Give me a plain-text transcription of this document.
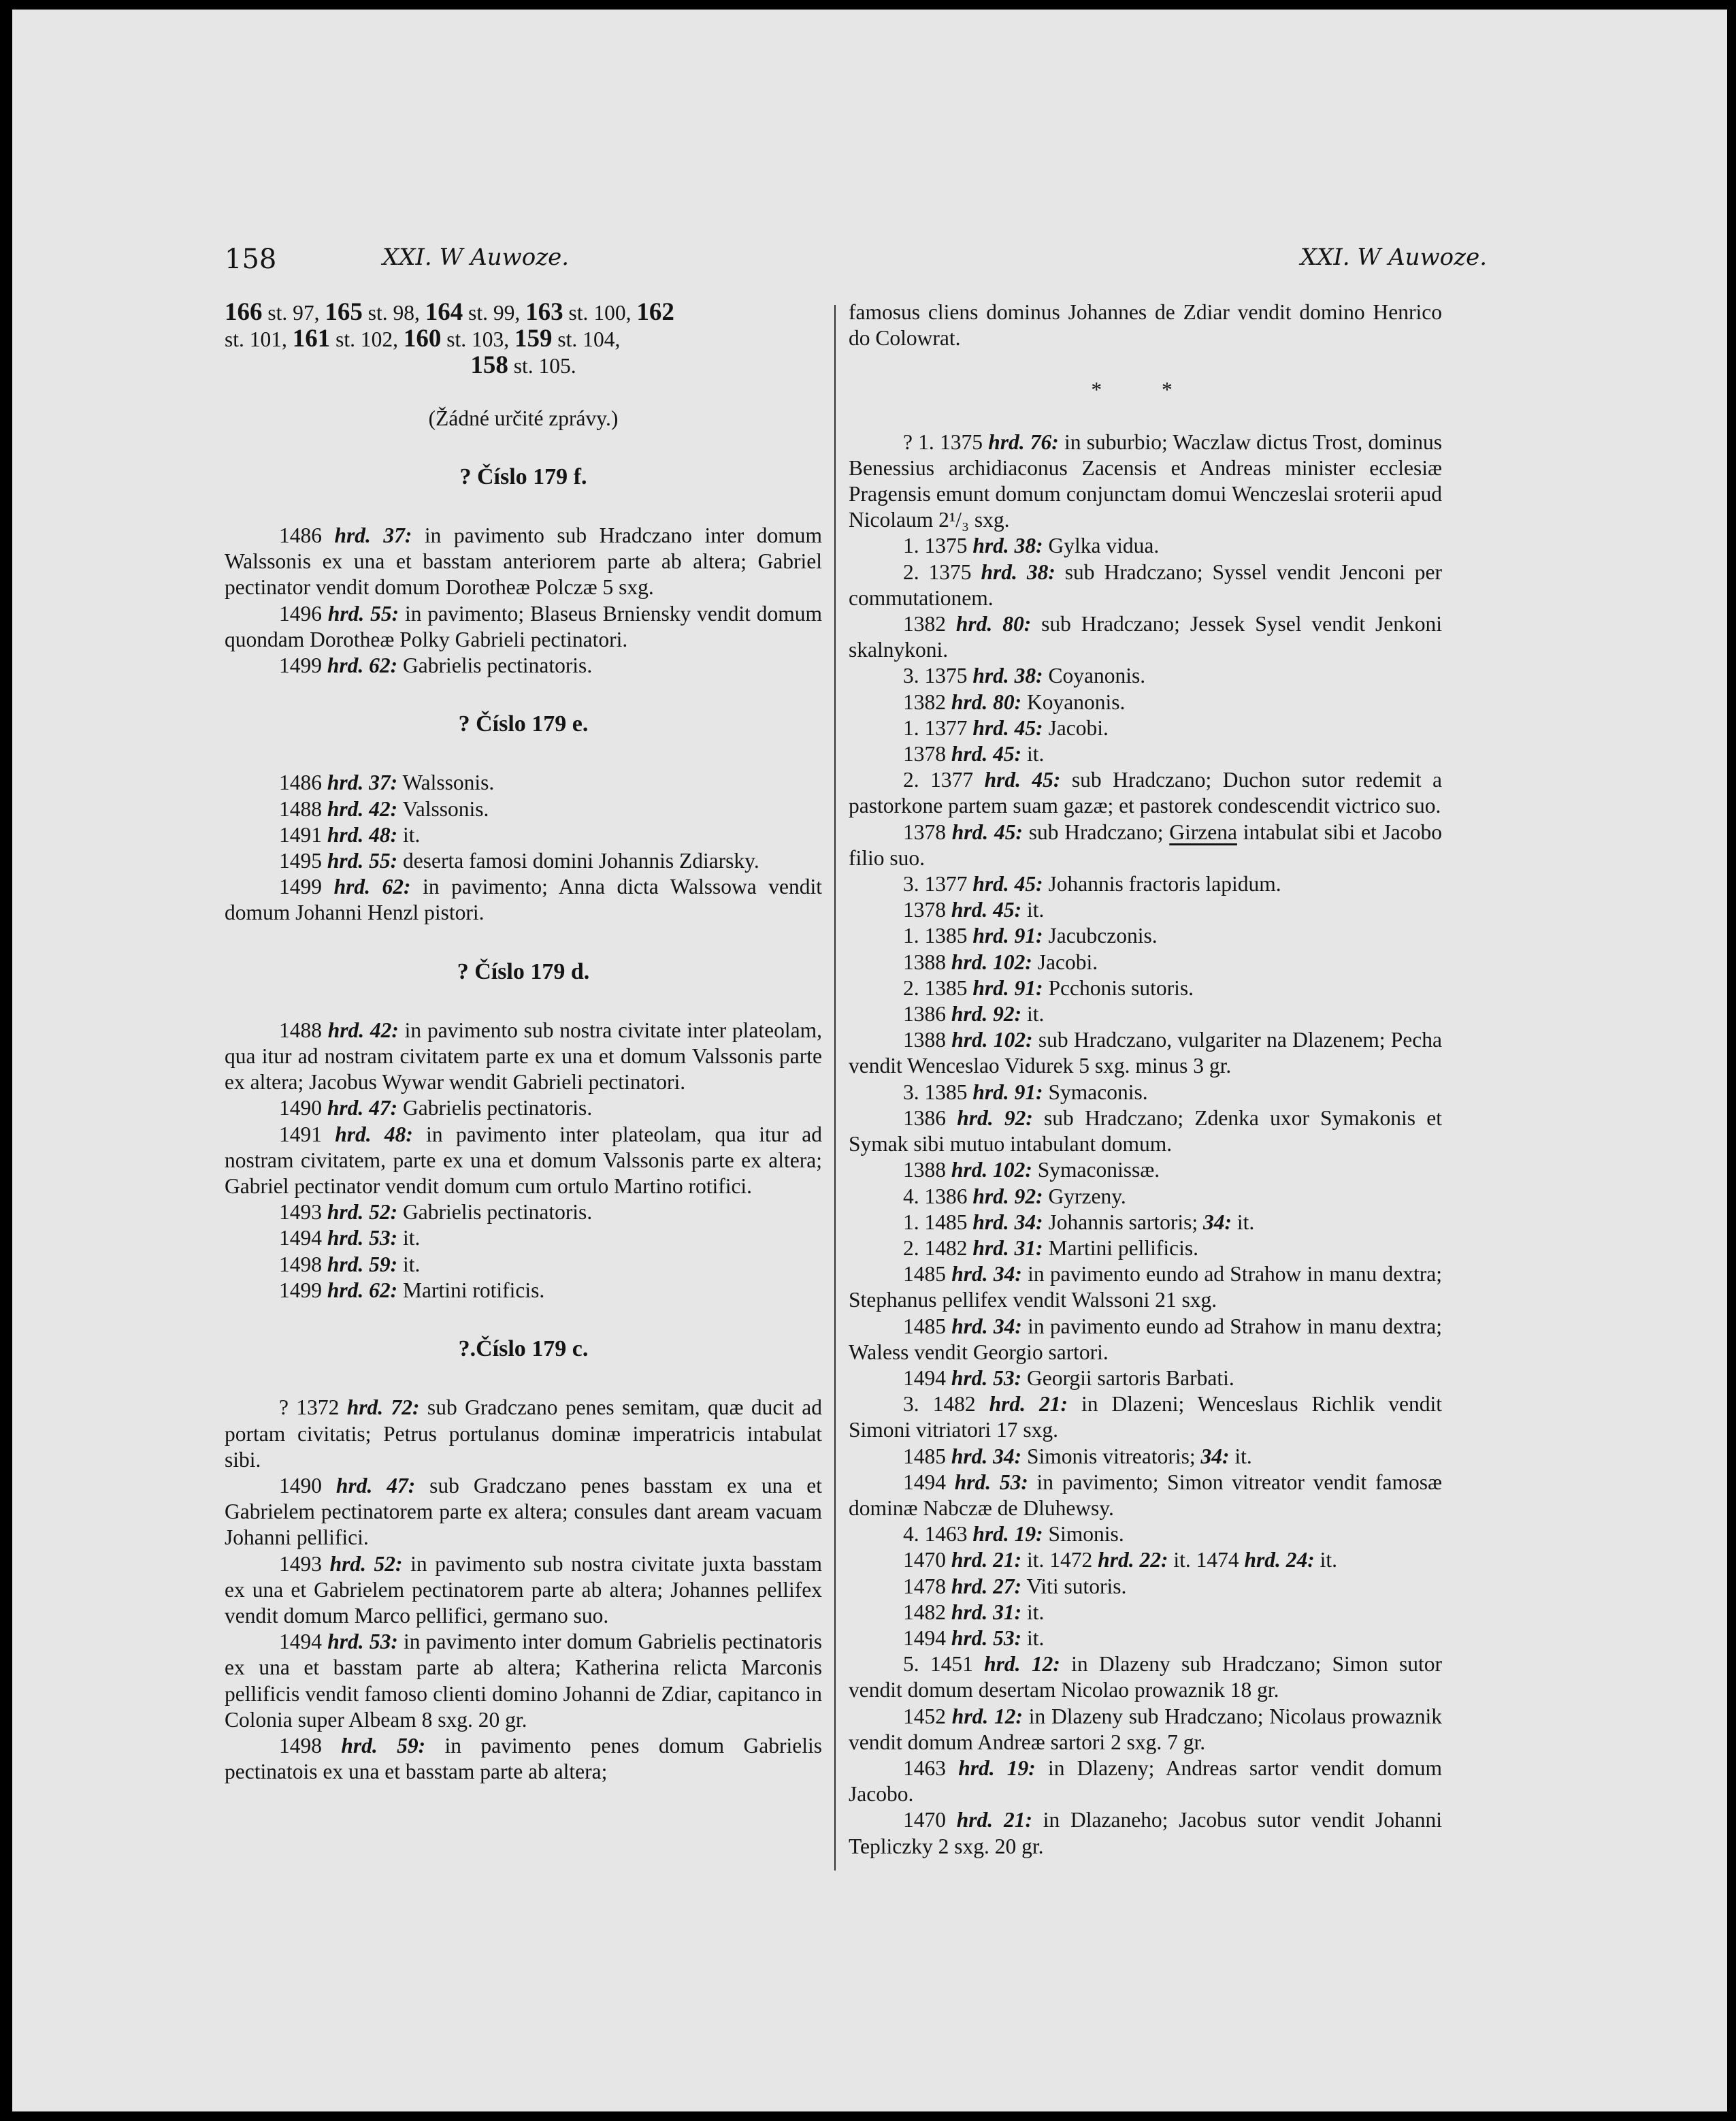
158	XXI. W Auwoze.	XXI. W Auwoze.
166 st. 97, 165 st. 98, 164 st. 99, 163 st. 100, 162
st. 101, 161 st. 102, 160 st. 103, 159 st. 104,

158 st. 105.

(Žádné určité zprávy.)

? Číslo 179 f.

1486 hrd. 37: in pavimento sub Hradczano inter domum Walssonis ex una et basstam anteriorem parte ab altera; Gabriel pectinator vendit domum Dorotheæ Polczæ 5 sxg.

1496 hrd. 55: in pavimento; Blaseus Brniensky vendit domum quondam Dorotheæ Polky Gabrieli pectinatori.

1499 hrd. 62: Gabrielis pectinatoris.

? Číslo 179 e.

1486 hrd. 37: Walssonis.

1488 hrd. 42: Valssonis.

1491 hrd. 48: it.

1495 hrd. 55: deserta famosi domini Johannis Zdiarsky.

1499 hrd. 62: in pavimento; Anna dicta Walssowa vendit domum Johanni Henzl pistori.

? Číslo 179 d.

1488 hrd. 42: in pavimento sub nostra civitate inter plateolam, qua itur ad nostram civitatem parte ex una et domum Valssonis parte ex altera; Jacobus Wywar wendit Gabrieli pectinatori.

1490 hrd. 47: Gabrielis pectinatoris.

1491 hrd. 48: in pavimento inter plateolam, qua itur ad nostram civitatem, parte ex una et domum Valssonis parte ex altera; Gabriel pectinator vendit domum cum ortulo Martino rotifici.

1493 hrd. 52: Gabrielis pectinatoris.

1494 hrd. 53: it.

1498 hrd. 59: it.

1499 hrd. 62: Martini rotificis.

?.Číslo 179 c.

? 1372 hrd. 72: sub Gradczano penes semitam, quæ ducit ad portam civitatis; Petrus portulanus dominæ imperatricis intabulat sibi.

1490 hrd. 47: sub Gradczano penes basstam ex una et Gabrielem pectinatorem parte ex altera; consules dant aream vacuam Johanni pellifici.

1493 hrd. 52: in pavimento sub nostra civitate juxta basstam ex una et Gabrielem pectinatorem parte ab altera; Johannes pellifex vendit domum Marco pellifici, germano suo.

1494 hrd. 53: in pavimento inter domum Gabrielis pectinatoris ex una et basstam parte ab altera; Katherina relicta Marconis pellificis vendit famoso clienti domino Johanni de Zdiar, capitanco in Colonia super Albeam 8 sxg. 20 gr.

1498 hrd. 59: in pavimento penes domum Gabrielis pectinatois ex una et basstam parte ab altera;

famosus cliens dominus Johannes de Zdiar vendit domino Henrico do Colowrat.

* *

? 1. 1375 hrd. 76: in suburbio; Waczlaw dictus Trost, dominus Benessius archidiaconus Zacensis et Andreas minister ecclesiæ Pragensis emunt domum conjunctam domui Wenczeslai sroterii apud Nicolaum 2¹/₃ sxg.

1. 1375 hrd. 38: Gylka vidua.

2. 1375 hrd. 38: sub Hradczano; Syssel vendit Jenconi per commutationem.

1382 hrd. 80: sub Hradczano; Jessek Sysel vendit Jenkoni skalnykoni.

3. 1375 hrd. 38: Coyanonis.

1382 hrd. 80: Koyanonis.

1. 1377 hrd. 45: Jacobi.

1378 hrd. 45: it.

2. 1377 hrd. 45: sub Hradczano; Duchon sutor redemit a pastorkone partem suam gazæ; et pastorek condescendit victrico suo.

1378 hrd. 45: sub Hradczano; Girzena intabulat sibi et Jacobo filio suo.

3. 1377 hrd. 45: Johannis fractoris lapidum.

1378 hrd. 45: it.

1. 1385 hrd. 91: Jacubczonis.

1388 hrd. 102: Jacobi.

2. 1385 hrd. 91: Pcchonis sutoris.

1386 hrd. 92: it.

1388 hrd. 102: sub Hradczano, vulgariter na Dlazenem; Pecha vendit Wenceslao Vidurek 5 sxg. minus 3 gr.

3. 1385 hrd. 91: Symaconis.

1386 hrd. 92: sub Hradczano; Zdenka uxor Symakonis et Symak sibi mutuo intabulant domum.

1388 hrd. 102: Symaconissæ.

4. 1386 hrd. 92: Gyrzeny.

1. 1485 hrd. 34: Johannis sartoris; 34: it.

2. 1482 hrd. 31: Martini pellificis.

1485 hrd. 34: in pavimento eundo ad Strahow in manu dextra; Stephanus pellifex vendit Walssoni 21 sxg.

1485 hrd. 34: in pavimento eundo ad Strahow in manu dextra; Waless vendit Georgio sartori.

1494 hrd. 53: Georgii sartoris Barbati.

3. 1482 hrd. 21: in Dlazeni; Wenceslaus Richlik vendit Simoni vitriatori 17 sxg.

1485 hrd. 34: Simonis vitreatoris; 34: it.

1494 hrd. 53: in pavimento; Simon vitreator vendit famosæ dominæ Nabczæ de Dluhewsy.

4. 1463 hrd. 19: Simonis.

1470 hrd. 21: it. 1472 hrd. 22: it. 1474 hrd. 24: it.

1478 hrd. 27: Viti sutoris.

1482 hrd. 31: it.

1494 hrd. 53: it.

5. 1451 hrd. 12: in Dlazeny sub Hradczano; Simon sutor vendit domum desertam Nicolao prowaznik 18 gr.

1452 hrd. 12: in Dlazeny sub Hradczano; Nicolaus prowaznik vendit domum Andreæ sartori 2 sxg. 7 gr.

1463 hrd. 19: in Dlazeny; Andreas sartor vendit domum Jacobo.

1470 hrd. 21: in Dlazaneho; Jacobus sutor vendit Johanni Tepliczky 2 sxg. 20 gr.
